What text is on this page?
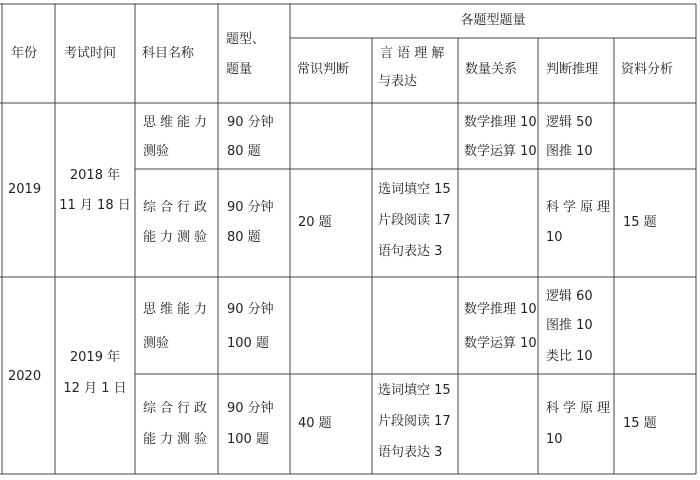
年份 考试时间 科目名称
题型、
题量
各题型题量
常识判断
言 语 理 解
与表达
数量关系 判断推理 资料分析
2019
2018 年
11 月 18 日
思维能力
测验
90 分钟
80 题
数学推理 10
数学运算 10
逻辑 50
图推 10
综合行政
能力测验
90 分钟
80 题
20 题
选词填空 15
片段阅读 17
语句表达 3
科学原理
10
15 题
2020
2019 年
12 月 1 日
思维能力
测验
90 分钟
100 题
数学推理 10
数学运算 10
逻辑 60
图推 10
类比 10
综合行政
能力测验
90 分钟
100 题
40 题
选词填空 15
片段阅读 17
语句表达 3
科学原理
10
15 题
